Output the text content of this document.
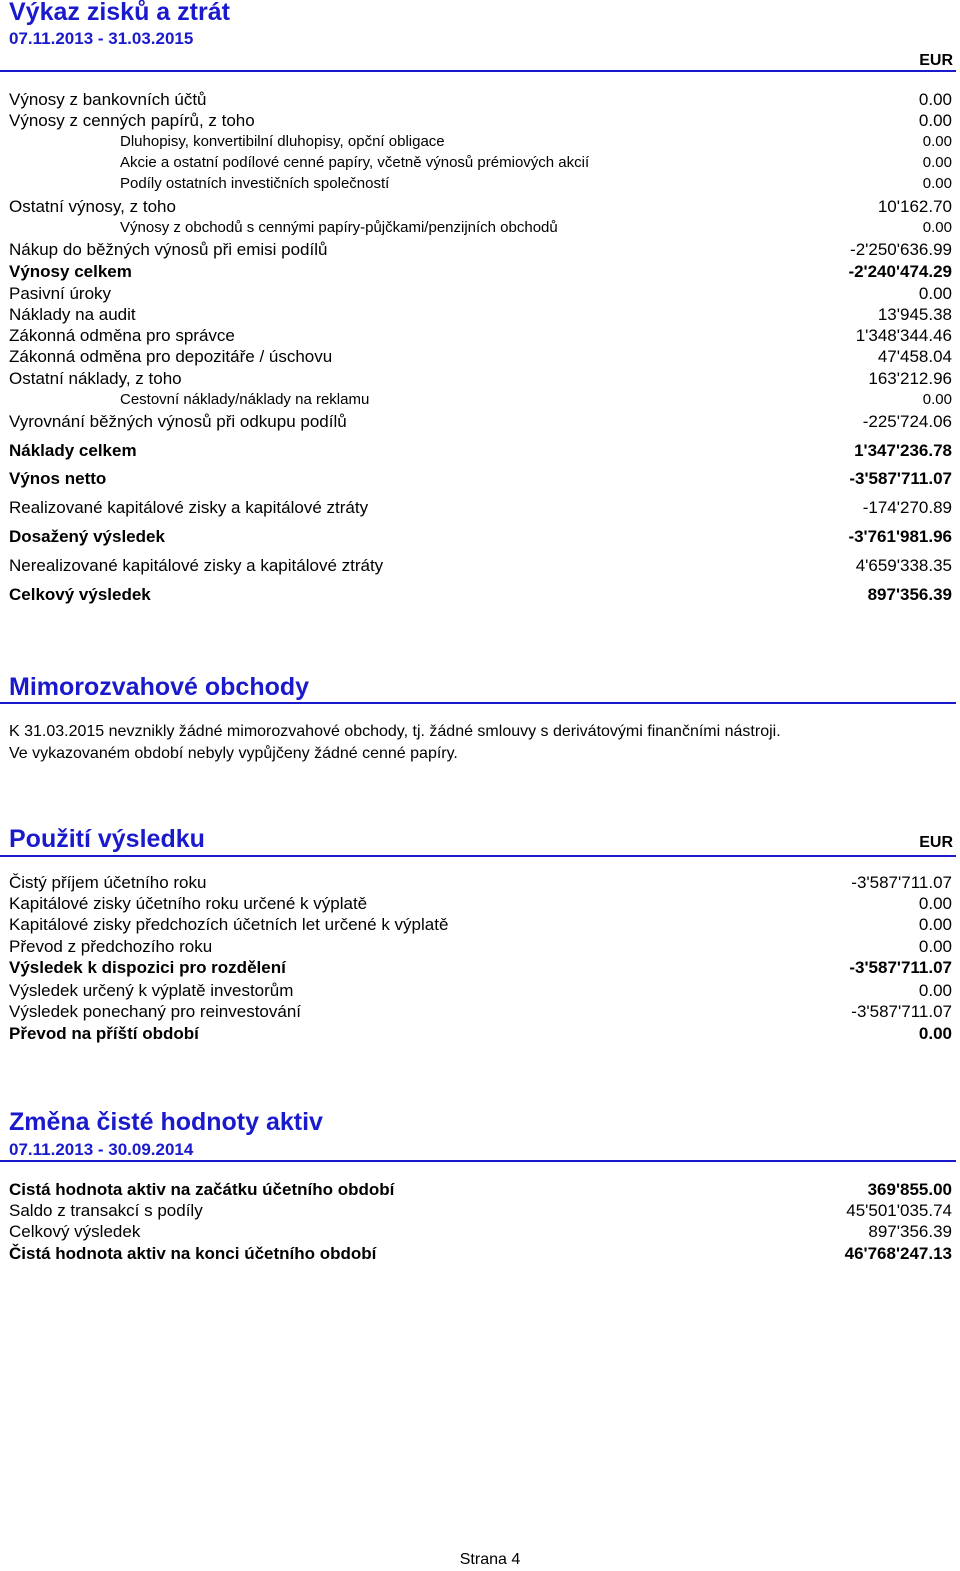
Výkaz zisků a ztrát
07.11.2013 - 31.03.2015
EUR
Výnosy z bankovních účtů	0.00
Výnosy z cenných papírů, z toho	0.00
Dluhopisy, konvertibilní dluhopisy, opční obligace	0.00
Akcie a ostatní podílové cenné papíry, včetně výnosů prémiových akcií	0.00
Podíly ostatních investičních společností	0.00
Ostatní výnosy, z toho	10'162.70
Výnosy z obchodů s cennými papíry-půjčkami/penzijních obchodů	0.00
Nákup do běžných výnosů při emisi podílů	-2'250'636.99
Výnosy celkem	-2'240'474.29
Pasivní úroky	0.00
Náklady na audit	13'945.38
Zákonná odměna pro správce	1'348'344.46
Zákonná odměna pro depozitáře / úschovu	47'458.04
Ostatní náklady, z toho	163'212.96
Cestovní náklady/náklady na reklamu	0.00
Vyrovnání běžných výnosů při odkupu podílů	-225'724.06
Náklady celkem	1'347'236.78
Výnos netto	-3'587'711.07
Realizované kapitálové zisky a kapitálové ztráty	-174'270.89
Dosažený výsledek	-3'761'981.96
Nerealizované kapitálové zisky a kapitálové ztráty	4'659'338.35
Celkový výsledek	897'356.39
Mimorozvahové obchody
K 31.03.2015 nevznikly žádné mimorozvahové obchody, tj. žádné smlouvy s derivátovými finančními nástroji.
Ve vykazovaném období nebyly vypůjčeny žádné cenné papíry.
Použití výsledku	EUR
Čistý příjem účetního roku	-3'587'711.07
Kapitálové zisky účetního roku určené k výplatě	0.00
Kapitálové zisky předchozích účetních let určené k výplatě	0.00
Převod z předchozího roku	0.00
Výsledek k dispozici pro rozdělení	-3'587'711.07
Výsledek určený k výplatě investorům	0.00
Výsledek ponechaný pro reinvestování	-3'587'711.07
Převod na příští období	0.00
Změna čisté hodnoty aktiv
07.11.2013 - 30.09.2014
Cistá hodnota aktiv na začátku účetního období	369'855.00
Saldo z transakcí s podíly	45'501'035.74
Celkový výsledek	897'356.39
Čistá hodnota aktiv na konci účetního období	46'768'247.13
Strana 4
